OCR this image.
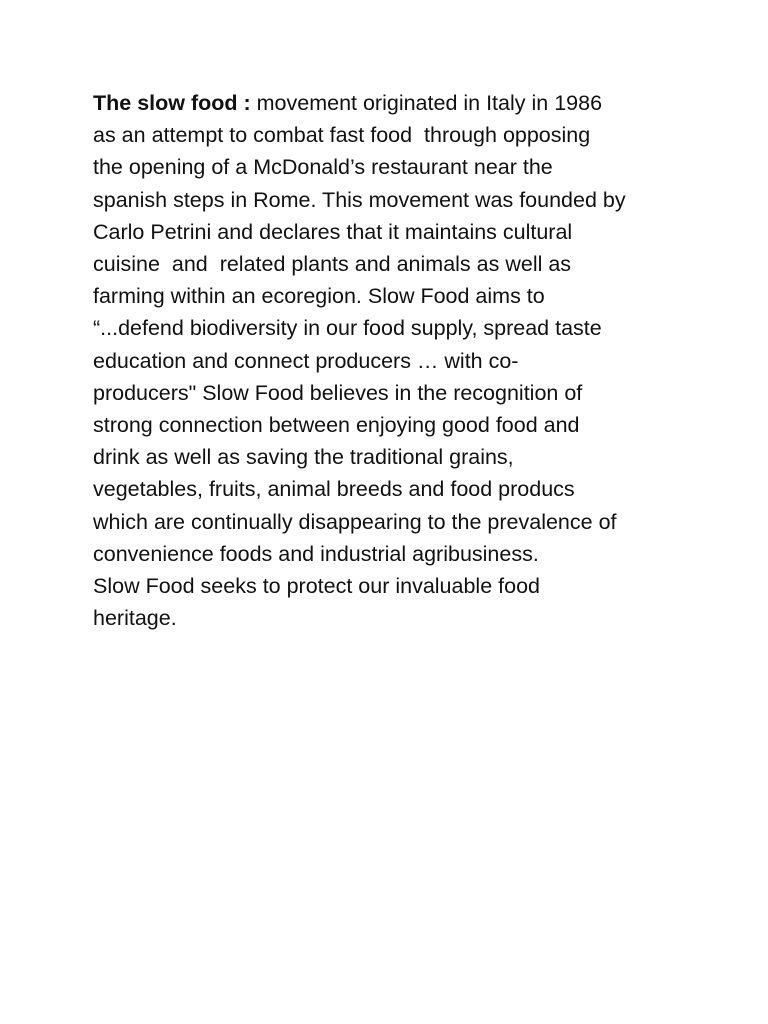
The slow food : movement originated in Italy in 1986
as an attempt to combat fast food  through opposing
the opening of a McDonald’s restaurant near the
spanish steps in Rome. This movement was founded by
Carlo Petrini and declares that it maintains cultural
cuisine  and  related plants and animals as well as
farming within an ecoregion. Slow Food aims to
“...defend biodiversity in our food supply, spread taste
education and connect producers … with co-
producers" Slow Food believes in the recognition of
strong connection between enjoying good food and
drink as well as saving the traditional grains,
vegetables, fruits, animal breeds and food producs
which are continually disappearing to the prevalence of
convenience foods and industrial agribusiness.
Slow Food seeks to protect our invaluable food
heritage.
